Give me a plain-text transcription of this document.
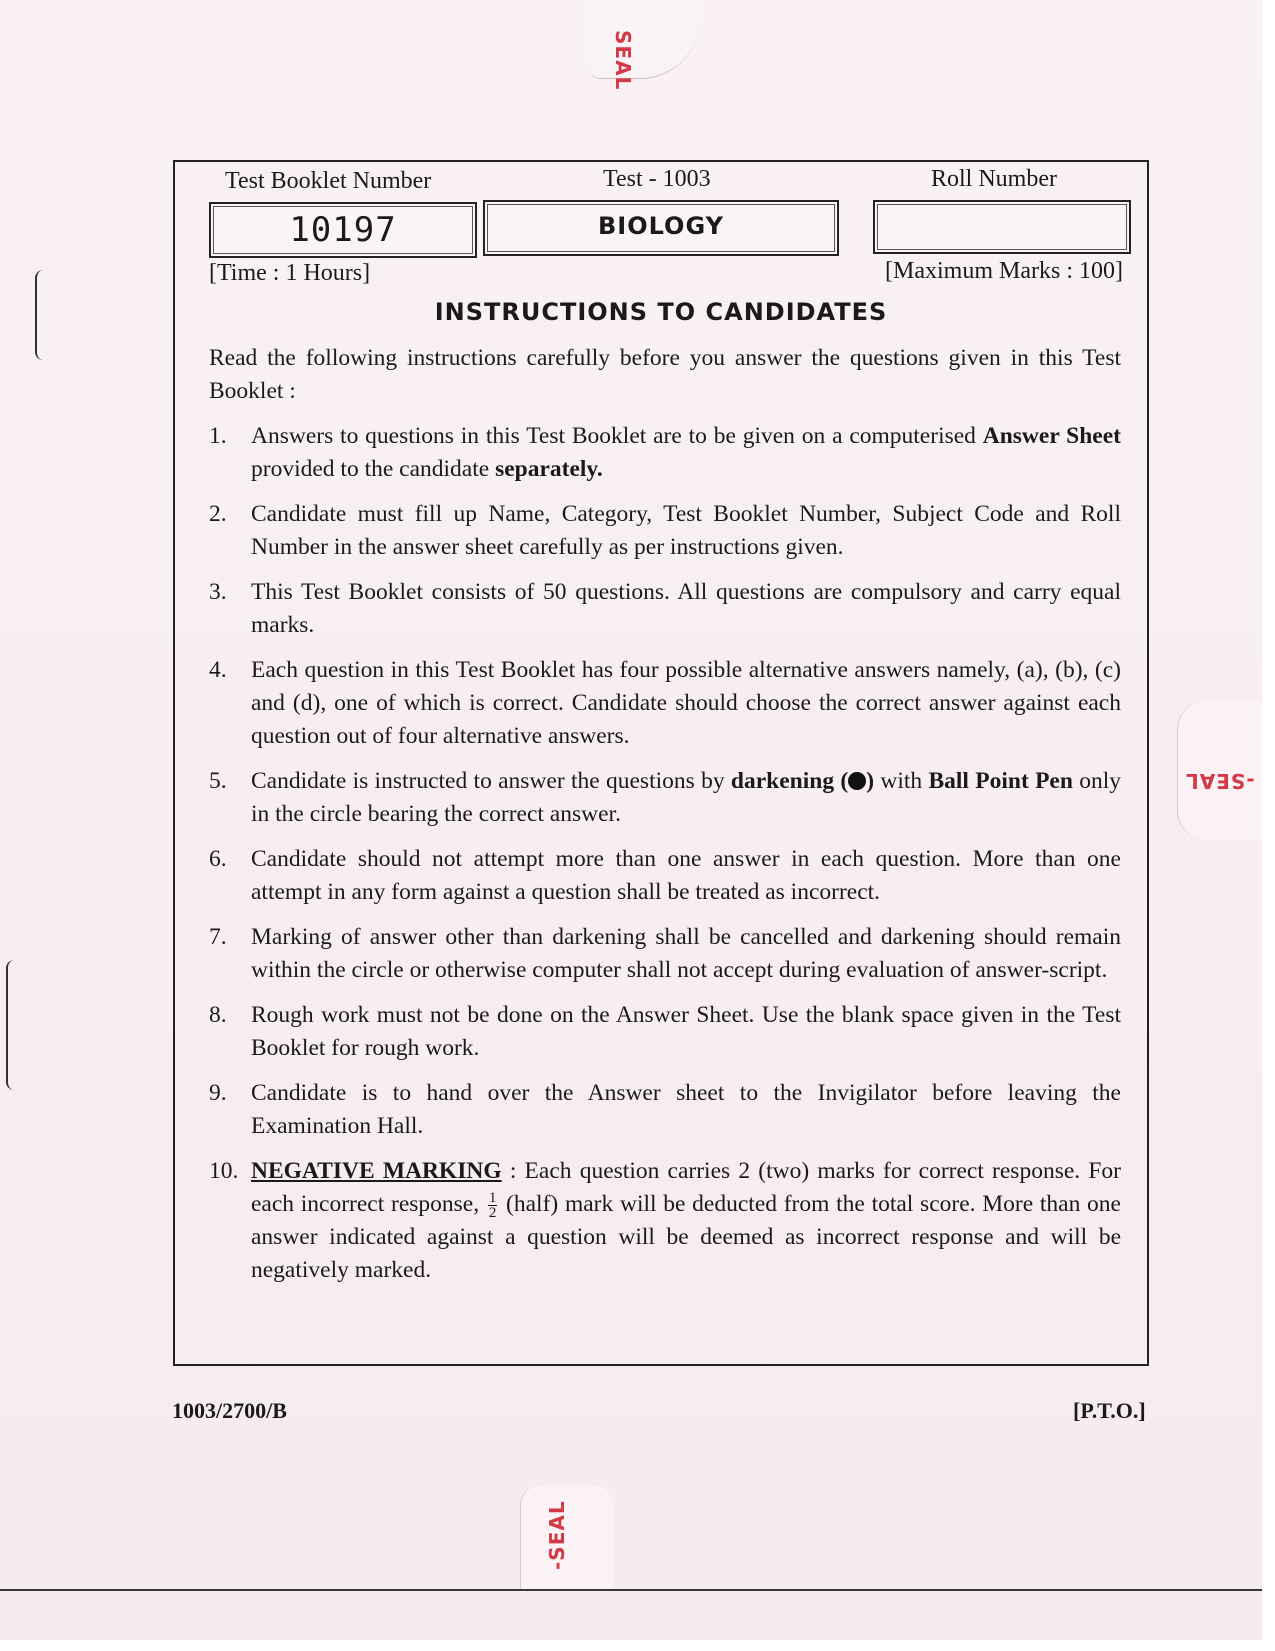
SEAL
-SEAL
-SEAL
Test Booklet Number	Test - 1003	Roll Number
10197	BIOLOGY
[Time : 1 Hours]	[Maximum Marks : 100]
INSTRUCTIONS TO CANDIDATES
Read the following instructions carefully before you answer the questions given in this Test Booklet :
1.	Answers to questions in this Test Booklet are to be given on a computerised Answer Sheet provided to the candidate separately.
2.	Candidate must fill up Name, Category, Test Booklet Number, Subject Code and Roll Number in the answer sheet carefully as per instructions given.
3.	This Test Booklet consists of 50 questions. All questions are compulsory and carry equal marks.
4.	Each question in this Test Booklet has four possible alternative answers namely, (a), (b), (c) and (d), one of which is correct. Candidate should choose the correct answer against each question out of four alternative answers.
5.	Candidate is instructed to answer the questions by darkening ( ) with Ball Point Pen only in the circle bearing the correct answer.
6.	Candidate should not attempt more than one answer in each question. More than one attempt in any form against a question shall be treated as incorrect.
7.	Marking of answer other than darkening shall be cancelled and darkening should remain within the circle or otherwise computer shall not accept during evaluation of answer-script.
8.	Rough work must not be done on the Answer Sheet. Use the blank space given in the Test Booklet for rough work.
9.	Candidate is to hand over the Answer sheet to the Invigilator before leaving the Examination Hall.
10. NEGATIVE MARKING : Each question carries 2 (two) marks for correct response. For each incorrect response, $\frac{1}{2}$ (half) mark will be deducted from the total score. More than one answer indicated against a question will be deemed as incorrect response and will be negatively marked.
1003/2700/B	[P.T.O.]
